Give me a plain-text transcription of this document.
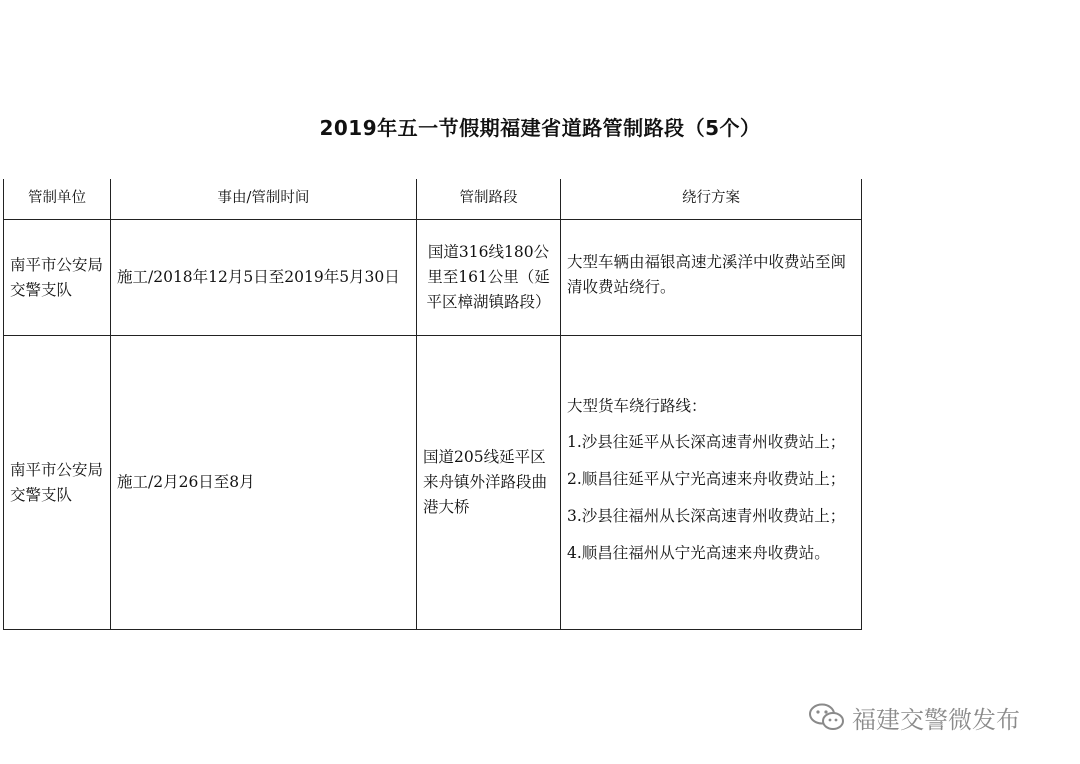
2019年五一节假期福建省道路管制路段（5个）
管制单位	事由/管制时间	管制路段	绕行方案
南平市公安局交警支队	施工/2018年12月5日至2019年5月30日	国道316线180公里至161公里（延平区樟湖镇路段）	大型车辆由福银高速尤溪洋中收费站至闽清收费站绕行。

南平市公安局交警支队	施工/2月26日至8月	国道205线延平区来舟镇外洋路段曲港大桥	大型货车绕行路线：

1.沙县往延平从长深高速青州收费站上；

2.顺昌往延平从宁光高速来舟收费站上；

3.沙县往福州从长深高速青州收费站上；

4.顺昌往福州从宁光高速来舟收费站。

福建交警微发布
